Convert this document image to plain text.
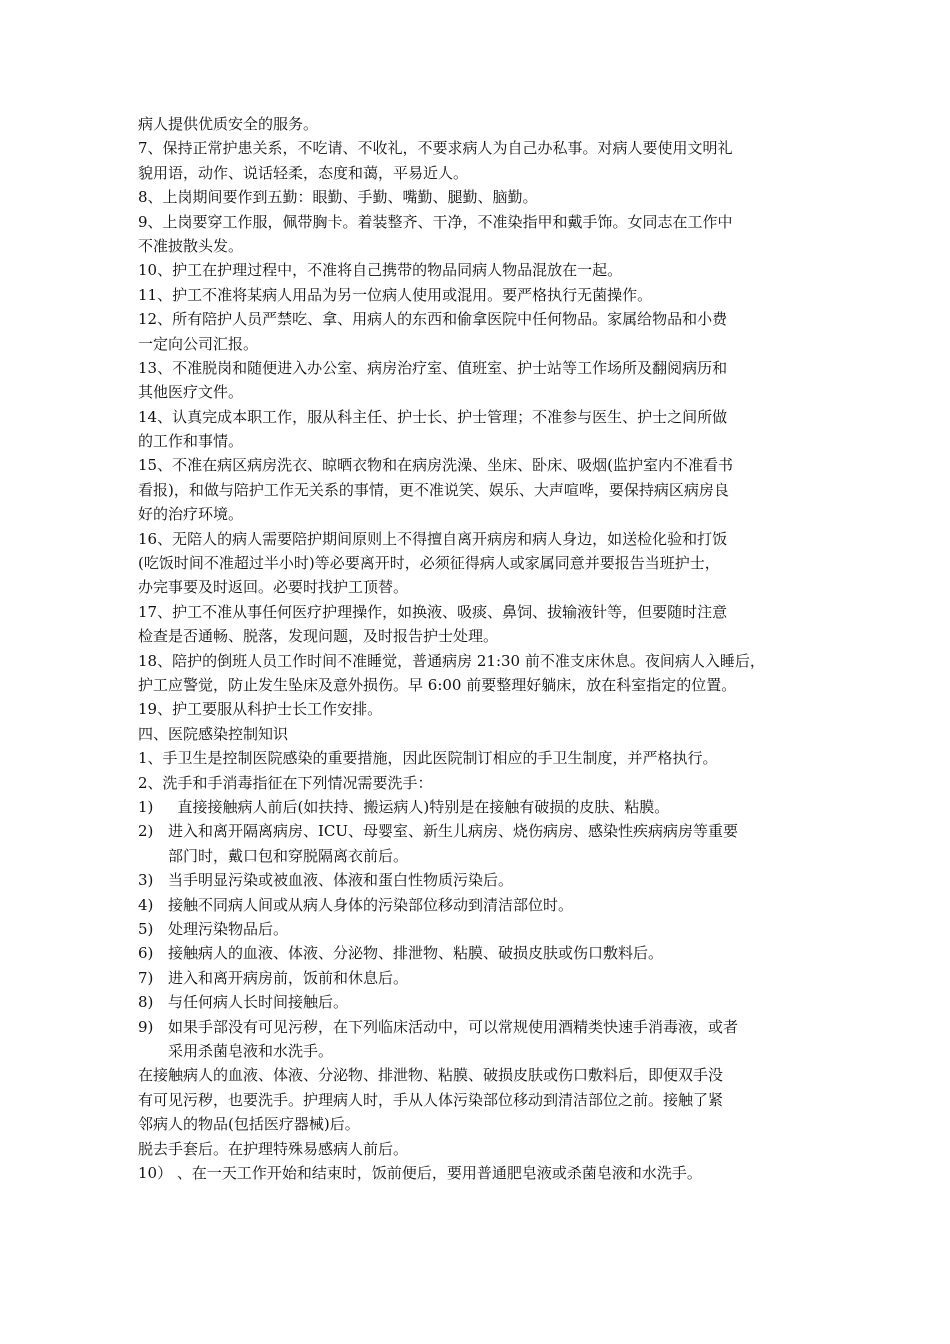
病人提供优质安全的服务。
7、保持正常护患关系，不吃请、不收礼，不要求病人为自己办私事。对病人要使用文明礼
貌用语，动作、说话轻柔，态度和蔼，平易近人。
8、上岗期间要作到五勤：眼勤、手勤、嘴勤、腿勤、脑勤。
9、上岗要穿工作服，佩带胸卡。着装整齐、干净，不准染指甲和戴手饰。女同志在工作中
不准披散头发。
10、护工在护理过程中，不准将自己携带的物品同病人物品混放在一起。
11、护工不准将某病人用品为另一位病人使用或混用。要严格执行无菌操作。
12、所有陪护人员严禁吃、拿、用病人的东西和偷拿医院中任何物品。家属给物品和小费
一定向公司汇报。
13、不准脱岗和随便进入办公室、病房治疗室、值班室、护士站等工作场所及翻阅病历和
其他医疗文件。
14、认真完成本职工作，服从科主任、护士长、护士管理；不准参与医生、护士之间所做
的工作和事情。
15、不准在病区病房洗衣、晾晒衣物和在病房洗澡、坐床、卧床、吸烟(监护室内不准看书
看报)，和做与陪护工作无关系的事情，更不准说笑、娱乐、大声喧哗，要保持病区病房良
好的治疗环境。
16、无陪人的病人需要陪护期间原则上不得擅自离开病房和病人身边，如送检化验和打饭
(吃饭时间不准超过半小时)等必要离开时，必须征得病人或家属同意并要报告当班护士，
办完事要及时返回。必要时找护工顶替。
17、护工不准从事任何医疗护理操作，如换液、吸痰、鼻饲、拔输液针等，但要随时注意
检查是否通畅、脱落，发现问题，及时报告护士处理。
18、陪护的倒班人员工作时间不准睡觉，普通病房 21:30 前不准支床休息。夜间病人入睡后，
护工应警觉，防止发生坠床及意外损伤。早 6:00 前要整理好躺床，放在科室指定的位置。
19、护工要服从科护士长工作安排。
四、医院感染控制知识
1、手卫生是控制医院感染的重要措施，因此医院制订相应的手卫生制度，并严格执行。
2、洗手和手消毒指征在下列情况需要洗手：
1) 直接接触病人前后(如扶持、搬运病人)特别是在接触有破损的皮肤、粘膜。
2) 进入和离开隔离病房、ICU、母婴室、新生儿病房、烧伤病房、感染性疾病病房等重要
部门时，戴口包和穿脱隔离衣前后。
3) 当手明显污染或被血液、体液和蛋白性物质污染后。
4) 接触不同病人间或从病人身体的污染部位移动到清洁部位时。
5) 处理污染物品后。
6) 接触病人的血液、体液、分泌物、排泄物、粘膜、破损皮肤或伤口敷料后。
7) 进入和离开病房前，饭前和休息后。
8) 与任何病人长时间接触后。
9) 如果手部没有可见污秽，在下列临床活动中，可以常规使用酒精类快速手消毒液，或者
采用杀菌皂液和水洗手。
在接触病人的血液、体液、分泌物、排泄物、粘膜、破损皮肤或伤口敷料后，即便双手没
有可见污秽，也要洗手。护理病人时，手从人体污染部位移动到清洁部位之前。接触了紧
邻病人的物品(包括医疗器械)后。
脱去手套后。在护理特殊易感病人前后。
10） 、在一天工作开始和结束时，饭前便后，要用普通肥皂液或杀菌皂液和水洗手。
